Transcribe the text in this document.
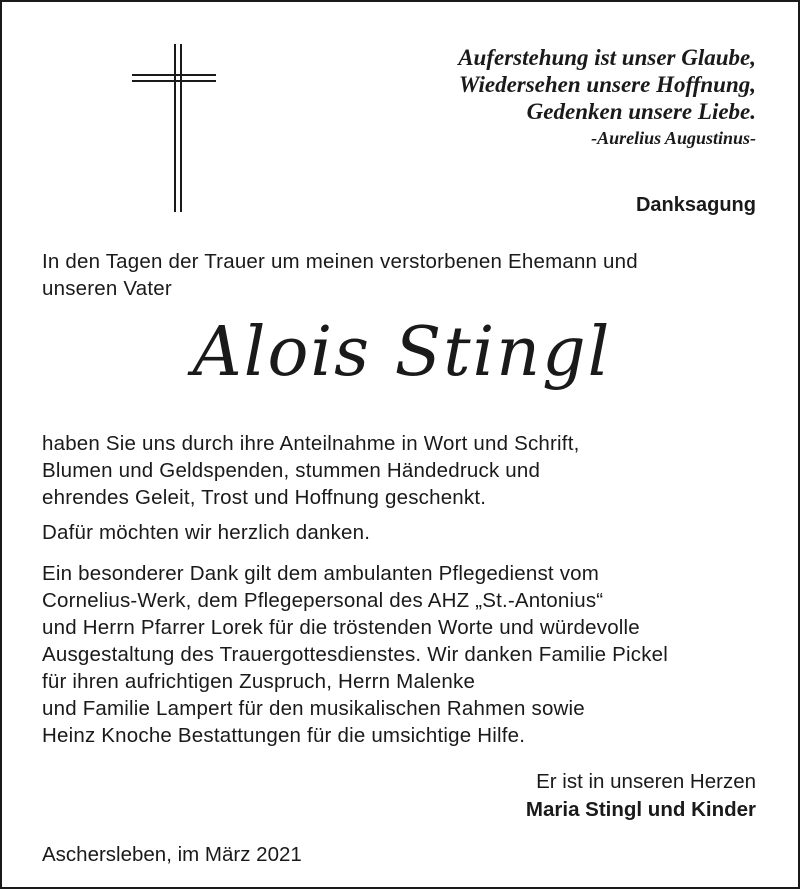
Auferstehung ist unser Glaube,
Wiedersehen unsere Hoffnung,
Gedenken unsere Liebe.
-Aurelius Augustinus-
Danksagung
In den Tagen der Trauer um meinen verstorbenen Ehemann und
unseren Vater
Alois Stingl
haben Sie uns durch ihre Anteilnahme in Wort und Schrift,
Blumen und Geldspenden, stummen Händedruck und
ehrendes Geleit, Trost und Hoffnung geschenkt.
Dafür möchten wir herzlich danken.
Ein besonderer Dank gilt dem ambulanten Pflegedienst vom
Cornelius-Werk, dem Pflegepersonal des AHZ „St.-Antonius“
und Herrn Pfarrer Lorek für die tröstenden Worte und würdevolle
Ausgestaltung des Trauergottesdienstes. Wir danken Familie Pickel
für ihren aufrichtigen Zuspruch, Herrn Malenke
und Familie Lampert für den musikalischen Rahmen sowie
Heinz Knoche Bestattungen für die umsichtige Hilfe.
Er ist in unseren Herzen
Maria Stingl und Kinder
Aschersleben, im März 2021
